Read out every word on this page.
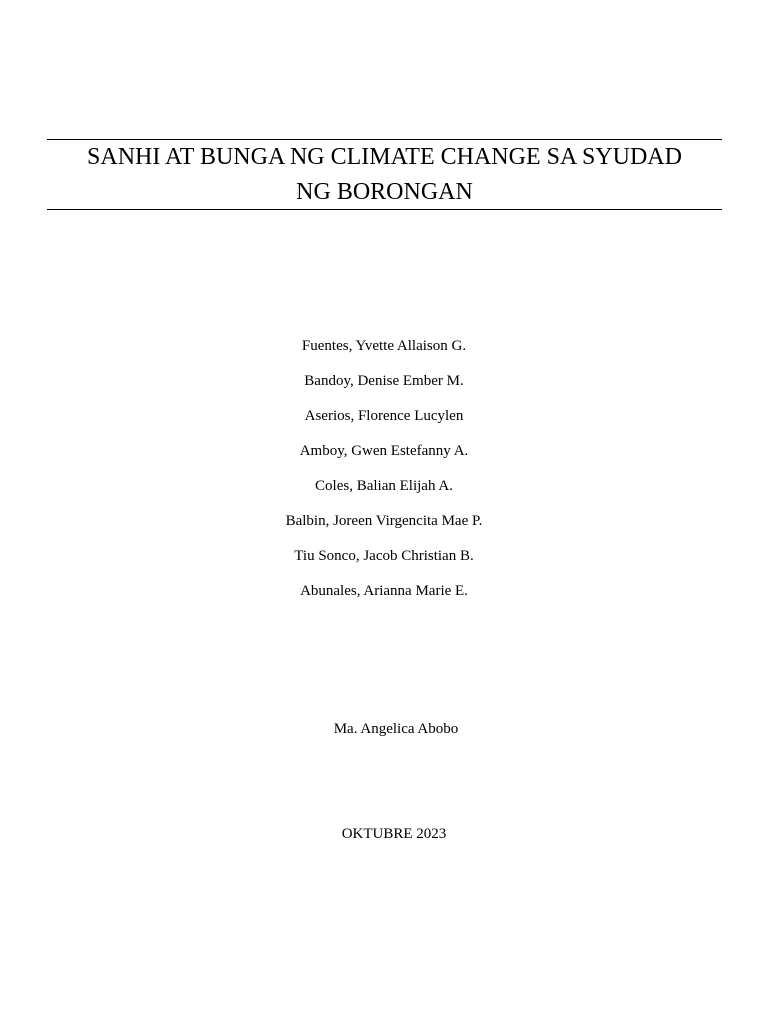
SANHI AT BUNGA NG CLIMATE CHANGE SA SYUDAD
NG BORONGAN
Fuentes, Yvette Allaison G.
Bandoy, Denise Ember M.
Aserios, Florence Lucylen
Amboy, Gwen Estefanny A.
Coles, Balian Elijah A.
Balbin, Joreen Virgencita Mae P.
Tiu Sonco, Jacob Christian B.
Abunales, Arianna Marie E.

Ma. Angelica Abobo

OKTUBRE 2023
